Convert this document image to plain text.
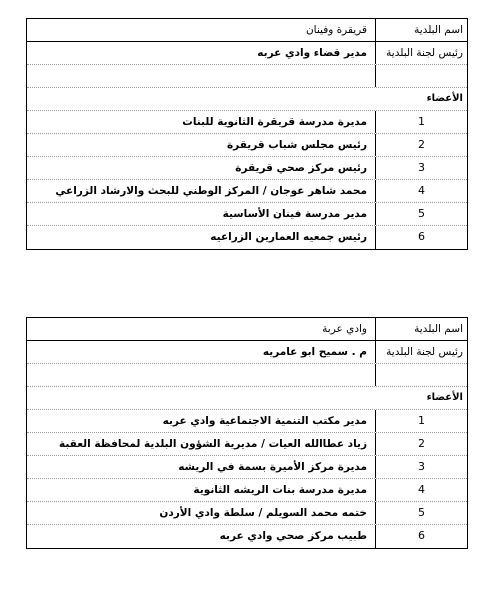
اسم البلدية
قريقرة وفينان
رئيس لجنة البلدية
مدير قضاء وادي عربه
الأعضاء
1
مديرة مدرسة قريقرة الثانوية للبنات
2
رئيس مجلس شباب قريقرة
3
رئيس مركز صحي قريقرة
4
محمد شاهر عوجان / المركز الوطني للبحث والارشاد الزراعي
5
مدير مدرسة فينان الأساسية
6
رئيس جمعيه العمارين الزراعيه
اسم البلدية
وادي عربة
رئيس لجنة البلدية
م . سميح ابو عامريه
الأعضاء
1
مدير مكتب التنمية الاجتماعية وادي عربه
2
زياد عطاالله العيات / مديرية الشؤون البلدية لمحافظة العقبة
3
مديرة مركز الأميرة بسمة في الريشه
4
مديرة مدرسة بنات الريشه الثانوية
5
ختمه محمد السويلم / سلطة وادي الأردن
6
طبيب مركز صحي وادي عربه
